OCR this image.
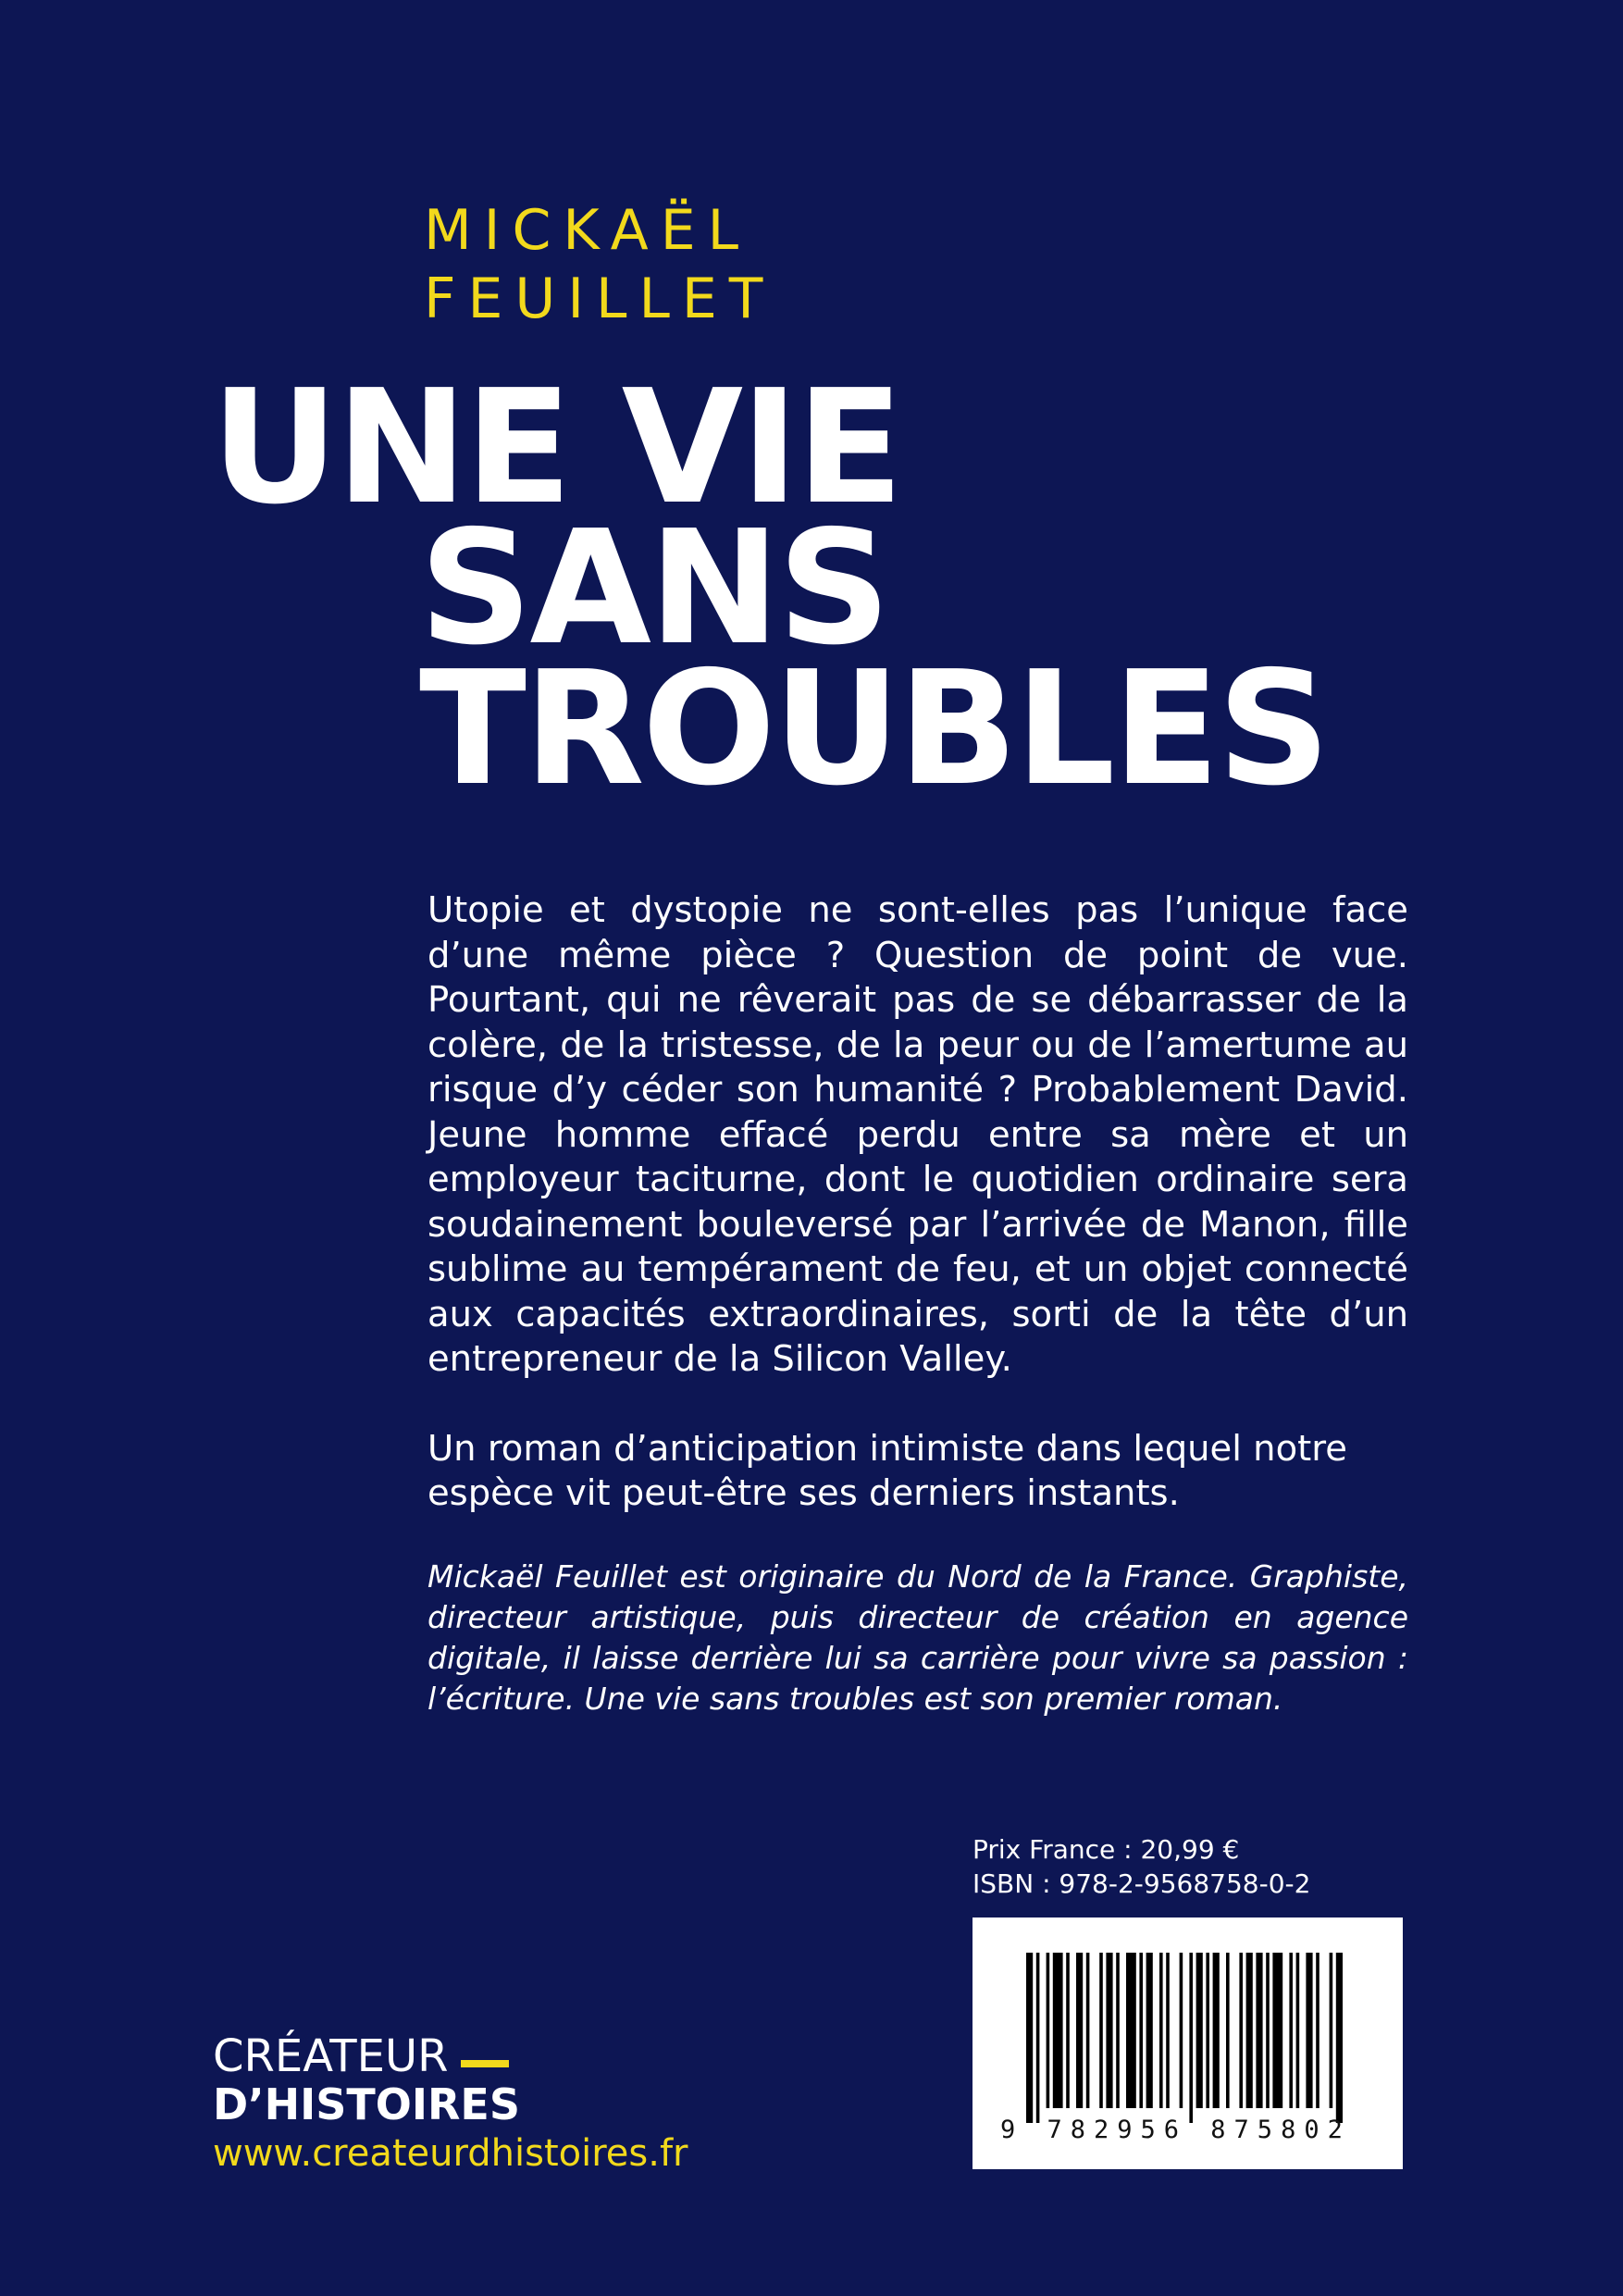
MICKAËL
FEUILLET
UNE VIE
SANS
TROUBLES

Utopie et dystopie ne sont-elles pas l’unique face d’une même pièce ? Question de point de vue. Pourtant, qui ne rêverait pas de se débarrasser de la colère, de la tristesse, de la peur ou de l’amertume au risque d’y céder son humanité ? Probablement David. Jeune homme effacé perdu entre sa mère et un employeur taciturne, dont le quotidien ordinaire sera soudainement bouleversé par l’arrivée de Manon, fille sublime au tempérament de feu, et un objet connecté aux capacités extraordinaires, sorti de la tête d’un entrepreneur de la Silicon Valley.

Un roman d’anticipation intimiste dans lequel notre espèce vit peut-être ses derniers instants.

Mickaël Feuillet est originaire du Nord de la France. Graphiste, directeur artistique, puis directeur de création en agence digitale, il laisse derrière lui sa carrière pour vivre sa passion : l’écriture. Une vie sans troubles est son premier roman.
Prix France : 20,99 €
ISBN : 978-2-9568758-0-2
9 782956 875802
CRÉATEUR
D’HISTOIRES
www.createurdhistoires.fr
